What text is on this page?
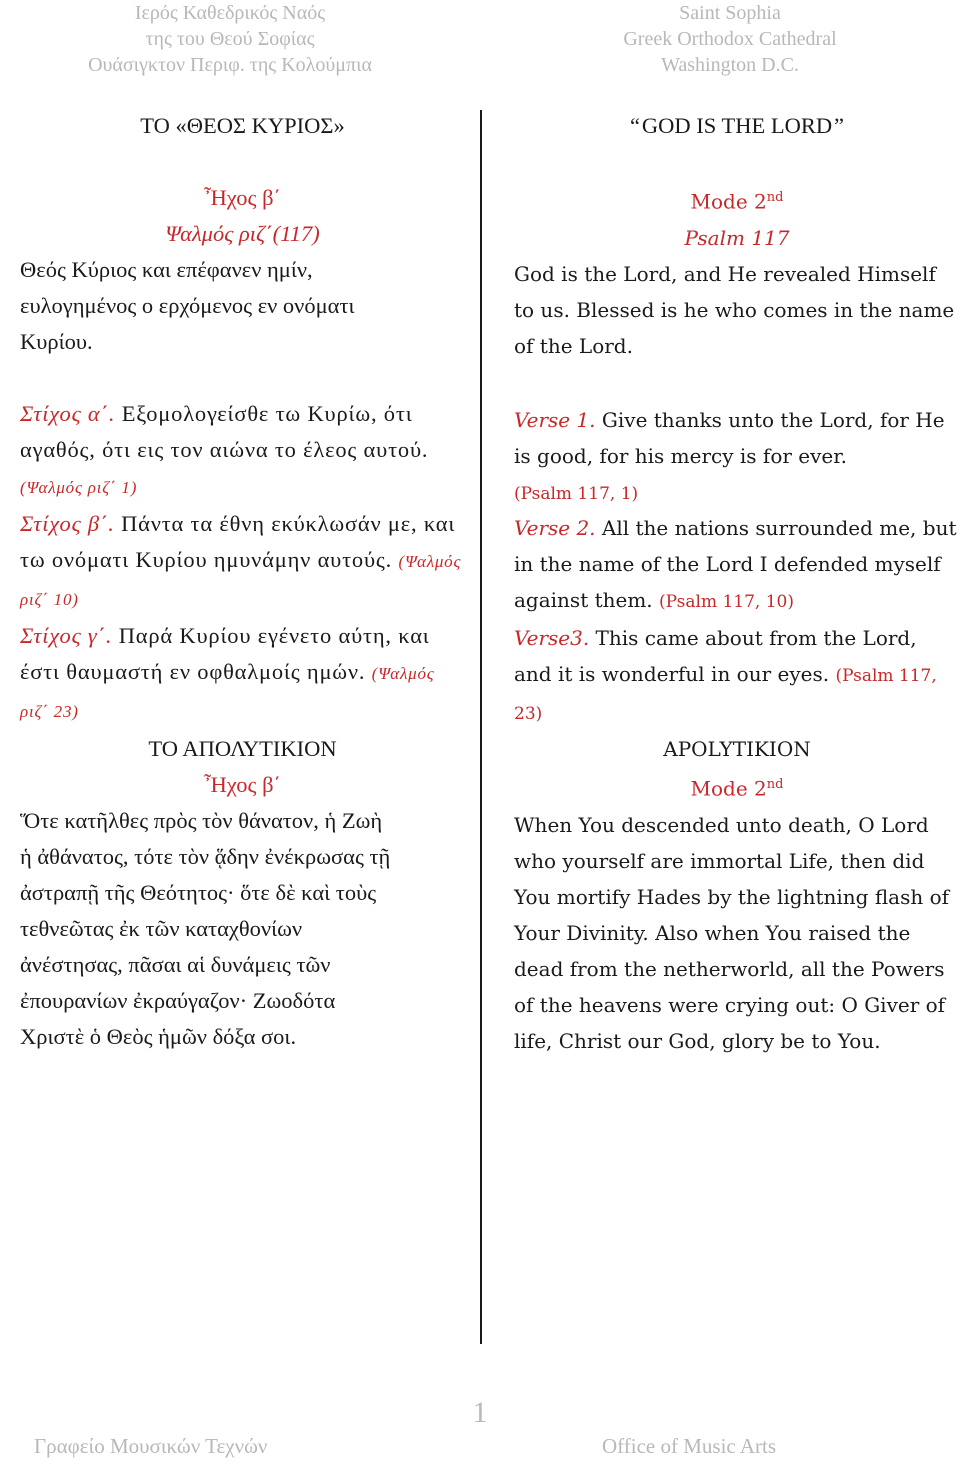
Ιερός Καθεδρικός Ναός
της του Θεού Σοφίας
Ουάσιγκτον Περιφ. της Κολούμπια
Saint Sophia
Greek Orthodox Cathedral
Washington D.C.
ΤΟ «ΘΕΟΣ ΚΥΡΙΟΣ»
Ἦχος β΄
Ψαλμός ριζ΄(117)
Θεός Κύριος και επέφανεν ημίν,
ευλογημένος ο ερχόμενος εν ονόματι
Κυρίου.
Στίχος α΄. Εξομολογείσθε τω Κυρίω, ότι αγαθός, ότι εις τον αιώνα το έλεος αυτού. (Ψαλμός ριζ΄ 1)
Στίχος β΄. Πάντα τα έθνη εκύκλωσάν με, και τω ονόματι Κυρίου ημυνάμην αυτούς. (Ψαλμός ριζ΄ 10)
Στίχος γ΄. Παρά Κυρίου εγένετο αύτη, και έστι θαυμαστή εν οφθαλμοίς ημών. (Ψαλμός ριζ΄ 23)
ΤΟ ΑΠΟΛΥΤΙΚΙΟΝ
Ἦχος β΄
Ὅτε κατῆλθες πρὸς τὸν θάνατον, ἡ Ζωὴ
ἡ ἀθάνατος, τότε τὸν ᾅδην ἐνέκρωσας τῇ
ἀστραπῇ τῆς Θεότητος· ὅτε δὲ καὶ τοὺς
τεθνεῶτας ἐκ τῶν καταχθονίων
ἀνέστησας, πᾶσαι αἱ δυνάμεις τῶν
ἐπουρανίων ἐκραύγαζον· Ζωοδότα
Χριστὲ ὁ Θεὸς ἡμῶν δόξα σοι.
“ GOD IS THE LORD ”
Mode 2nd
Psalm 117
God is the Lord, and He revealed Himself to us. Blessed is he who comes in the name of the Lord.
Verse 1. Give thanks unto the Lord, for He is good, for his mercy is for ever.
(Psalm 117, 1)
Verse 2. All the nations surrounded me, but in the name of the Lord I defended myself against them. (Psalm 117, 10)
Verse3. This came about from the Lord, and it is wonderful in our eyes. (Psalm 117, 23)
APOLYTIKION
Mode 2nd
When You descended unto death, O Lord who yourself are immortal Life, then did You mortify Hades by the lightning flash of Your Divinity. Also when You raised the dead from the netherworld, all the Powers of the heavens were crying out: O Giver of life, Christ our God, glory be to You.
1
Γραφείο Μουσικών Τεχνών	Office of Music Arts
